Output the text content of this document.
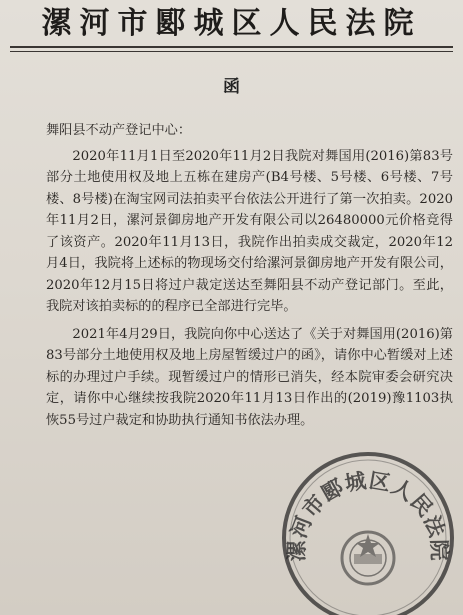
漯河市郾城区人民法院
函

舞阳县不动产登记中心：

2020年11月1日至2020年11月2日我院对舞国用(2016)第83号部分土地使用权及地上五栋在建房产(B4号楼、5号楼、6号楼、7号楼、8号楼)在淘宝网司法拍卖平台依法公开进行了第一次拍卖。2020年11月2日，漯河景御房地产开发有限公司以26480000元价格竞得了该资产。2020年11月13日，我院作出拍卖成交裁定，2020年12月4日，我院将上述标的物现场交付给漯河景御房地产开发有限公司，2020年12月15日将过户裁定送达至舞阳县不动产登记部门。至此，我院对该拍卖标的的程序已全部进行完毕。

2021年4月29日，我院向你中心送达了《关于对舞国用(2016)第83号部分土地使用权及地上房屋暂缓过户的函》，请你中心暂缓对上述标的办理过户手续。现暂缓过户的情形已消失，经本院审委会研究决定，请你中心继续按我院2020年11月13日作出的(2019)豫1103执恢55号过户裁定和协助执行通知书依法办理。

漯河市郾城区人民法院
